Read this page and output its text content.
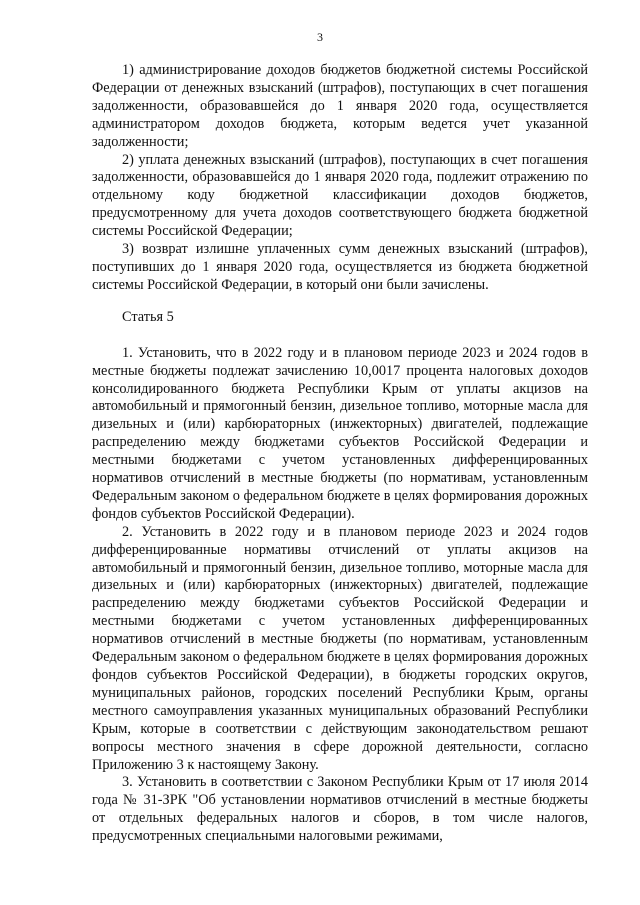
3

1) администрирование доходов бюджетов бюджетной системы Российской Федерации от денежных взысканий (штрафов), поступающих в счет погашения задолженности, образовавшейся до 1 января 2020 года, осуществляется администратором доходов бюджета, которым ведется учет указанной задолженности;

2) уплата денежных взысканий (штрафов), поступающих в счет погашения задолженности, образовавшейся до 1 января 2020 года, подлежит отражению по отдельному коду бюджетной классификации доходов бюджетов, предусмотренному для учета доходов соответствующего бюджета бюджетной системы Российской Федерации;

3) возврат излишне уплаченных сумм денежных взысканий (штрафов), поступивших до 1 января 2020 года, осуществляется из бюджета бюджетной системы Российской Федерации, в который они были зачислены.

Статья 5

1. Установить, что в 2022 году и в плановом периоде 2023 и 2024 годов в местные бюджеты подлежат зачислению 10,0017 процента налоговых доходов консолидированного бюджета Республики Крым от уплаты акцизов на автомобильный и прямогонный бензин, дизельное топливо, моторные масла для дизельных и (или) карбюраторных (инжекторных) двигателей, подлежащие распределению между бюджетами субъектов Российской Федерации и местными бюджетами с учетом установленных дифференцированных нормативов отчислений в местные бюджеты (по нормативам, установленным Федеральным законом о федеральном бюджете в целях формирования дорожных фондов субъектов Российской Федерации).

2. Установить в 2022 году и в плановом периоде 2023 и 2024 годов дифференцированные нормативы отчислений от уплаты акцизов на автомобильный и прямогонный бензин, дизельное топливо, моторные масла для дизельных и (или) карбюраторных (инжекторных) двигателей, подлежащие распределению между бюджетами субъектов Российской Федерации и местными бюджетами с учетом установленных дифференцированных нормативов отчислений в местные бюджеты (по нормативам, установленным Федеральным законом о федеральном бюджете в целях формирования дорожных фондов субъектов Российской Федерации), в бюджеты городских округов, муниципальных районов, городских поселений Республики Крым, органы местного самоуправления указанных муниципальных образований Республики Крым, которые в соответствии с действующим законодательством решают вопросы местного значения в сфере дорожной деятельности, согласно Приложению 3 к настоящему Закону.

3. Установить в соответствии с Законом Республики Крым от 17 июля 2014 года № 31-ЗРК "Об установлении нормативов отчислений в местные бюджеты от отдельных федеральных налогов и сборов, в том числе налогов, предусмотренных специальными налоговыми режимами,
